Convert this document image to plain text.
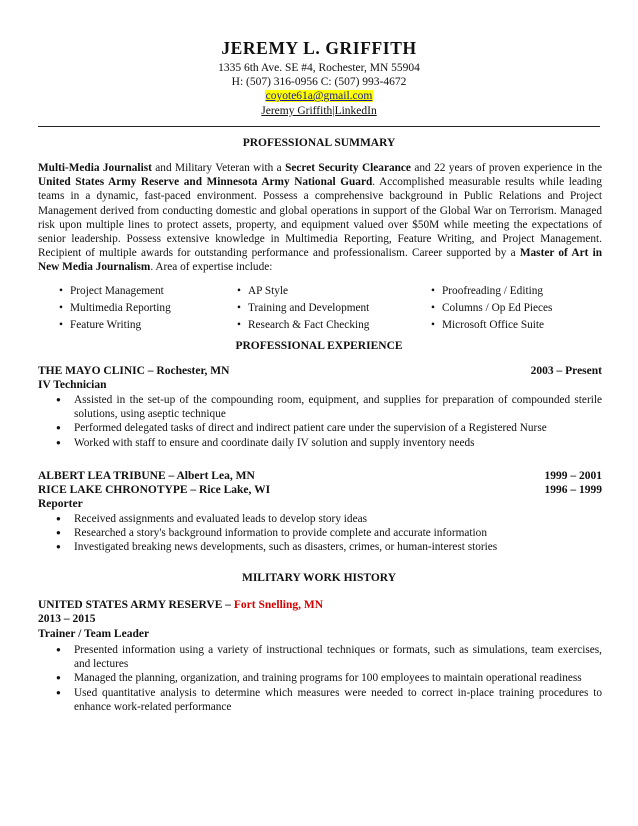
JEREMY L. GRIFFITH
1335 6th Ave. SE #4, Rochester, MN 55904
H: (507) 316-0956 C: (507) 993-4672
coyote61a@gmail.com
Jeremy Griffith|LinkedIn
PROFESSIONAL SUMMARY
Multi-Media Journalist and Military Veteran with a Secret Security Clearance and 22 years of proven experience in the United States Army Reserve and Minnesota Army National Guard. Accomplished measurable results while leading teams in a dynamic, fast-paced environment. Possess a comprehensive background in Public Relations and Project Management derived from conducting domestic and global operations in support of the Global War on Terrorism. Managed risk upon multiple lines to protect assets, property, and equipment valued over $50M while meeting the expectations of senior leadership. Possess extensive knowledge in Multimedia Reporting, Feature Writing, and Project Management. Recipient of multiple awards for outstanding performance and professionalism. Career supported by a Master of Art in New Media Journalism. Area of expertise include:
• Project Management
• Multimedia Reporting
• Feature Writing
• AP Style
• Training and Development
• Research & Fact Checking
• Proofreading / Editing
• Columns / Op Ed Pieces
• Microsoft Office Suite
PROFESSIONAL EXPERIENCE
THE MAYO CLINIC – Rochester, MN	2003 – Present
IV Technician
● Assisted in the set-up of the compounding room, equipment, and supplies for preparation of compounded sterile solutions, using aseptic technique
● Performed delegated tasks of direct and indirect patient care under the supervision of a Registered Nurse
● Worked with staff to ensure and coordinate daily IV solution and supply inventory needs
ALBERT LEA TRIBUNE – Albert Lea, MN	1999 – 2001
RICE LAKE CHRONOTYPE – Rice Lake, WI	1996 – 1999
Reporter
● Received assignments and evaluated leads to develop story ideas
● Researched a story's background information to provide complete and accurate information
● Investigated breaking news developments, such as disasters, crimes, or human-interest stories
MILITARY WORK HISTORY
UNITED STATES ARMY RESERVE – Fort Snelling, MN
2013 – 2015
Trainer / Team Leader
● Presented information using a variety of instructional techniques or formats, such as simulations, team exercises, and lectures
● Managed the planning, organization, and training programs for 100 employees to maintain operational readiness
● Used quantitative analysis to determine which measures were needed to correct in-place training procedures to enhance work-related performance
